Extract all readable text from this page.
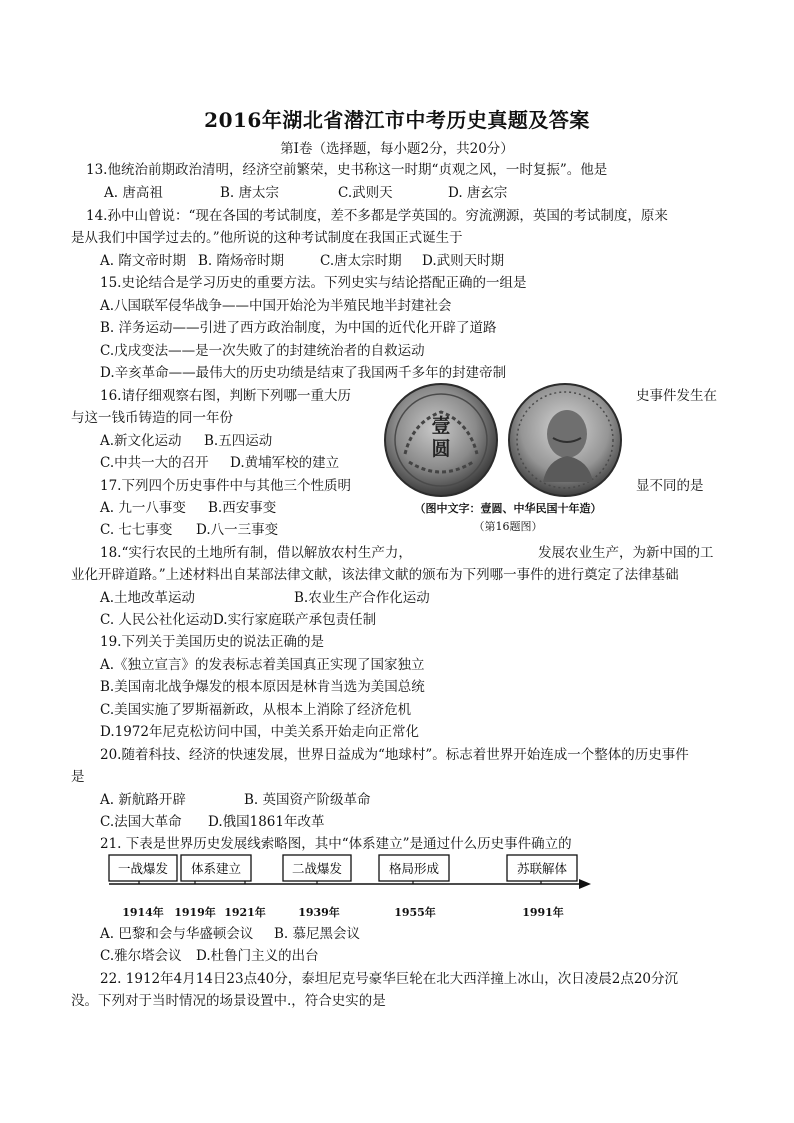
2016年湖北省潜江市中考历史真题及答案
第Ⅰ卷（选择题，每小题2分，共20分）
13.他统治前期政治清明，经济空前繁荣，史书称这一时期“贞观之风，一时复振”。他是
A. 唐高祖	B. 唐太宗	C.武则天	D. 唐玄宗
14.孙中山曾说：“现在各国的考试制度，差不多都是学英国的。穷流溯源，英国的考试制度，原来
是从我们中国学过去的。”他所说的这种考试制度在我国正式诞生于
A. 隋文帝时期 B. 隋炀帝时期	C.唐太宗时期 D.武则天时期
15.史论结合是学习历史的重要方法。下列史实与结论搭配正确的一组是
A.八国联军侵华战争——中国开始沦为半殖民地半封建社会
B. 洋务运动——引进了西方政治制度，为中国的近代化开辟了道路
C.戊戌变法——是一次失败了的封建统治者的自救运动
D.辛亥革命——最伟大的历史功绩是结束了我国两千多年的封建帝制
16.请仔细观察右图，判断下列哪一重大历	史事件发生在
与这一钱币铸造的同一年份
A.新文化运动 B.五四运动
C.中共一大的召开 D.黄埔军校的建立
壹
圆
（图中文字：壹圆、中华民国十年造）
（第16题图）
17.下列四个历史事件中与其他三个性质明	显不同的是
A. 九一八事变 B.西安事变
C. 七七事变 D.八一三事变
18.“实行农民的土地所有制，借以解放农村生产力，	发展农业生产，为新中国的工
业化开辟道路。”上述材料出自某部法律文献，该法律文献的颁布为下列哪一事件的进行奠定了法律基础
A.土地改革运动	B.农业生产合作化运动
C. 人民公社化运动D.实行家庭联产承包责任制
19.下列关于美国历史的说法正确的是
A.《独立宣言》的发表标志着美国真正实现了国家独立
B.美国南北战争爆发的根本原因是林肯当选为美国总统
C.美国实施了罗斯福新政，从根本上消除了经济危机
D.1972年尼克松访问中国，中美关系开始走向正常化
20.随着科技、经济的快速发展，世界日益成为“地球村”。标志着世界开始连成一个整体的历史事件
是
A. 新航路开辟	B. 英国资产阶级革命
C.法国大革命 D.俄国1861年改革
21. 下表是世界历史发展线索略图，其中“体系建立”是通过什么历史事件确立的
一战爆发 体系建立	二战爆发	格局形成	苏联解体
1914年 1919年 1921年	1939年	1955年	1991年
A. 巴黎和会与华盛顿会议 B. 慕尼黑会议
C.雅尔塔会议 D.杜鲁门主义的出台
22. 1912年4月14日23点40分，泰坦尼克号豪华巨轮在北大西洋撞上冰山，次日凌晨2点20分沉
没。下列对于当时情况的场景设置中.，符合史实的是
